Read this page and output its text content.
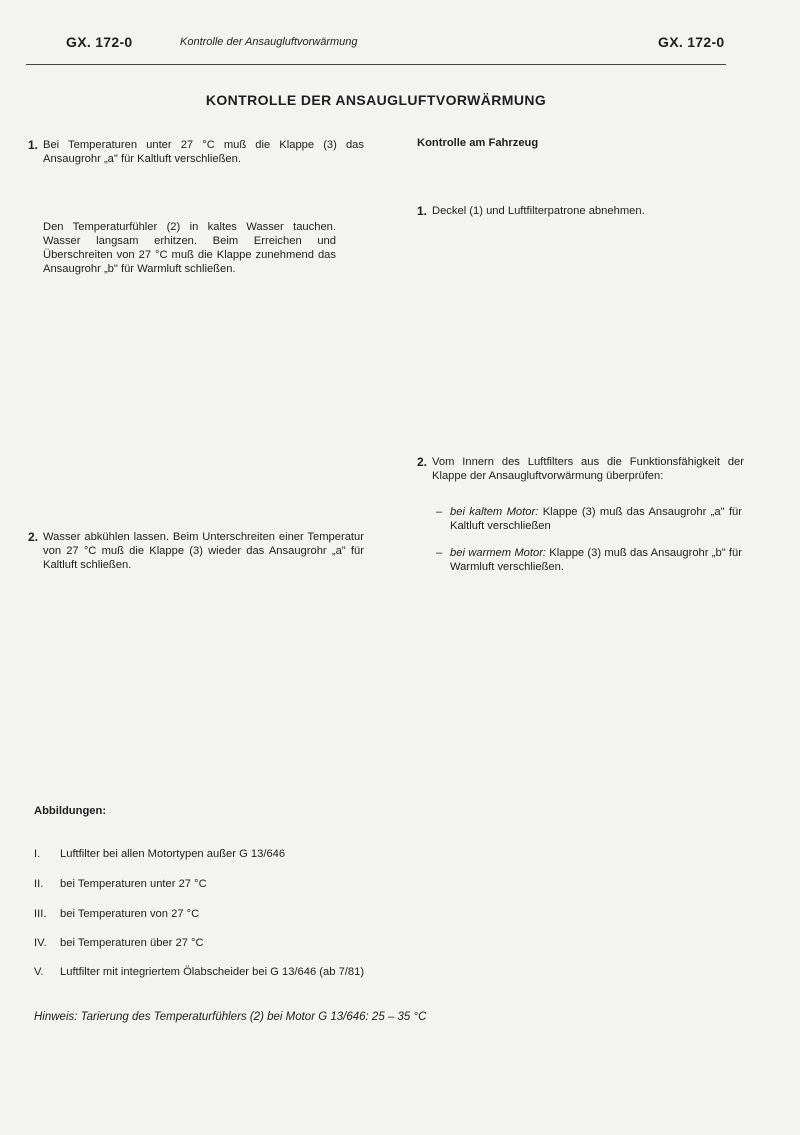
GX. 172-0	Kontrolle der Ansaugluftvorwärmung	GX. 172-0
KONTROLLE DER ANSAUGLUFTVORWÄRMUNG
1. Bei Temperaturen unter 27 °C muß die Klappe (3) das Ansaugrohr „a" für Kaltluft verschließen.
Den Temperaturfühler (2) in kaltes Wasser tauchen. Wasser langsam erhitzen. Beim Erreichen und Überschreiten von 27 °C muß die Klappe zunehmend das Ansaugrohr „b" für Warmluft schließen.
2. Wasser abkühlen lassen. Beim Unterschreiten einer Temperatur von 27 °C muß die Klappe (3) wieder das Ansaugrohr „a" für Kaltluft schließen.
Kontrolle am Fahrzeug
1. Deckel (1) und Luftfilterpatrone abnehmen.
2. Vom Innern des Luftfilters aus die Funktionsfähigkeit der Klappe der Ansaugluftvorwärmung überprüfen:
– bei kaltem Motor: Klappe (3) muß das Ansaugrohr „a" für Kaltluft verschließen
– bei warmem Motor: Klappe (3) muß das Ansaugrohr „b" für Warmluft verschließen.
Abbildungen:
I. Luftfilter bei allen Motortypen außer G 13/646
II. bei Temperaturen unter 27 °C
III. bei Temperaturen von 27 °C
IV. bei Temperaturen über 27 °C
V. Luftfilter mit integriertem Ölabscheider bei G 13/646 (ab 7/81)
Hinweis: Tarierung des Temperaturfühlers (2) bei Motor G 13/646: 25 – 35 °C
